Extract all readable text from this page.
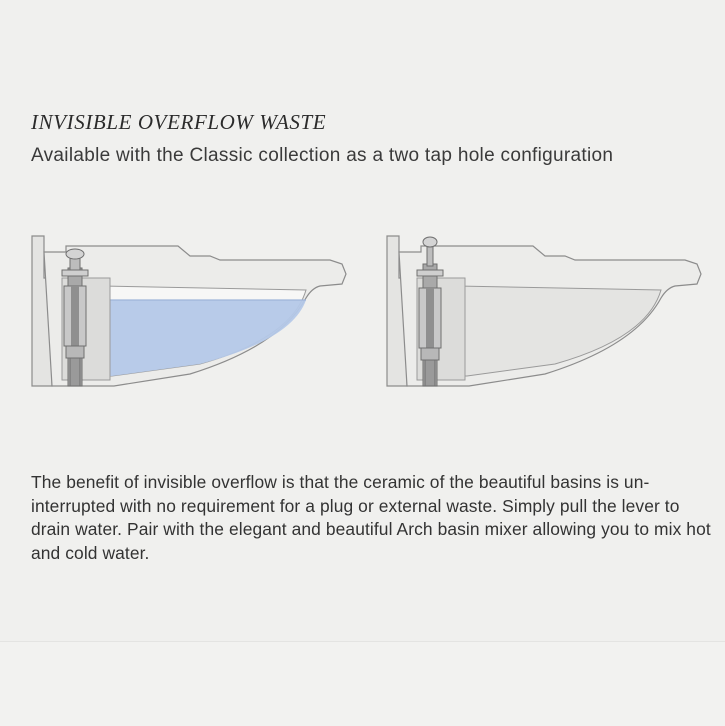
INVISIBLE OVERFLOW WASTE

Available with the Classic collection as a two tap hole configuration

The benefit of invisible overflow is that the ceramic of the beautiful basins is un-interrupted with no requirement for a plug or external waste. Simply pull the lever to drain water. Pair with the elegant and beautiful Arch basin mixer allowing you to mix hot and cold water.
